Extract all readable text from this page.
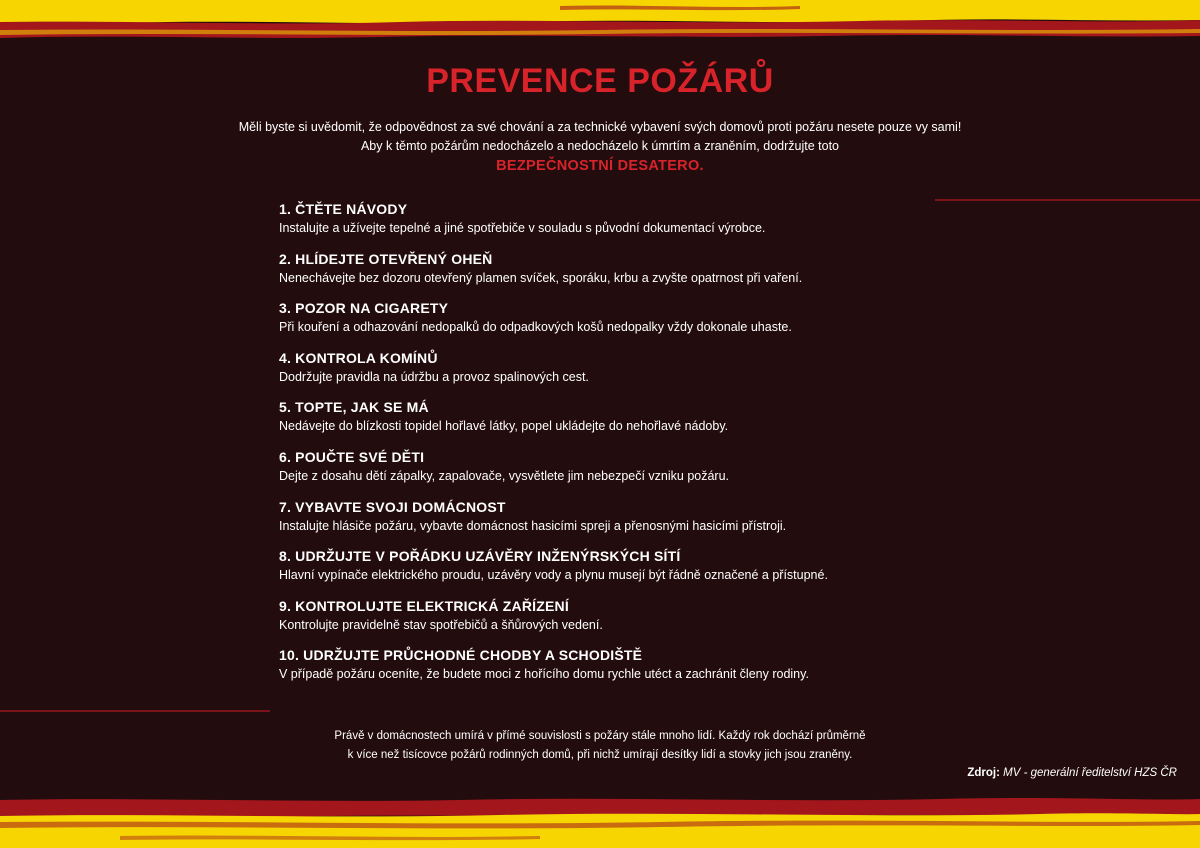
PREVENCE POŽÁRŮ
Měli byste si uvědomit, že odpovědnost za své chování a za technické vybavení svých domovů proti požáru nesete pouze vy sami!
Aby k těmto požárům nedocházelo a nedocházelo k úmrtím a zraněním, dodržujte toto
BEZPEČNOSTNÍ DESATERO.
1. ČTĚTE NÁVODY
Instalujte a užívejte tepelné a jiné spotřebiče v souladu s původní dokumentací výrobce.
2. HLÍDEJTE OTEVŘENÝ OHEŇ
Nenechávejte bez dozoru otevřený plamen svíček, sporáku, krbu a zvyšte opatrnost při vaření.
3. POZOR NA CIGARETY
Při kouření a odhazování nedopalků do odpadkových košů nedopalky vždy dokonale uhaste.
4. KONTROLA KOMÍNŮ
Dodržujte pravidla na údržbu a provoz spalinových cest.
5. TOPTE, JAK SE MÁ
Nedávejte do blízkosti topidel hořlavé látky, popel ukládejte do nehořlavé nádoby.
6. POUČTE SVÉ DĚTI
Dejte z dosahu dětí zápalky, zapalovače, vysvětlete jim nebezpečí vzniku požáru.
7. VYBAVTE SVOJI DOMÁCNOST
Instalujte hlásiče požáru, vybavte domácnost hasicími spreji a přenosnými hasicími přístroji.
8. UDRŽUJTE V POŘÁDKU UZÁVĚRY INŽENÝRSKÝCH SÍTÍ
Hlavní vypínače elektrického proudu, uzávěry vody a plynu musejí být řádně označené a přístupné.
9. KONTROLUJTE ELEKTRICKÁ ZAŘÍZENÍ
Kontrolujte pravidelně stav spotřebičů a šňůrových vedení.
10. UDRŽUJTE PRŮCHODNÉ CHODBY A SCHODIŠTĚ
V případě požáru oceníte, že budete moci z hořícího domu rychle utéct a zachránit členy rodiny.
Právě v domácnostech umírá v přímé souvislosti s požáry stále mnoho lidí. Každý rok dochází průměrně
k více než tisícovce požárů rodinných domů, při nichž umírají desítky lidí a stovky jich jsou zraněny.
Zdroj: MV - generální ředitelství HZS ČR
